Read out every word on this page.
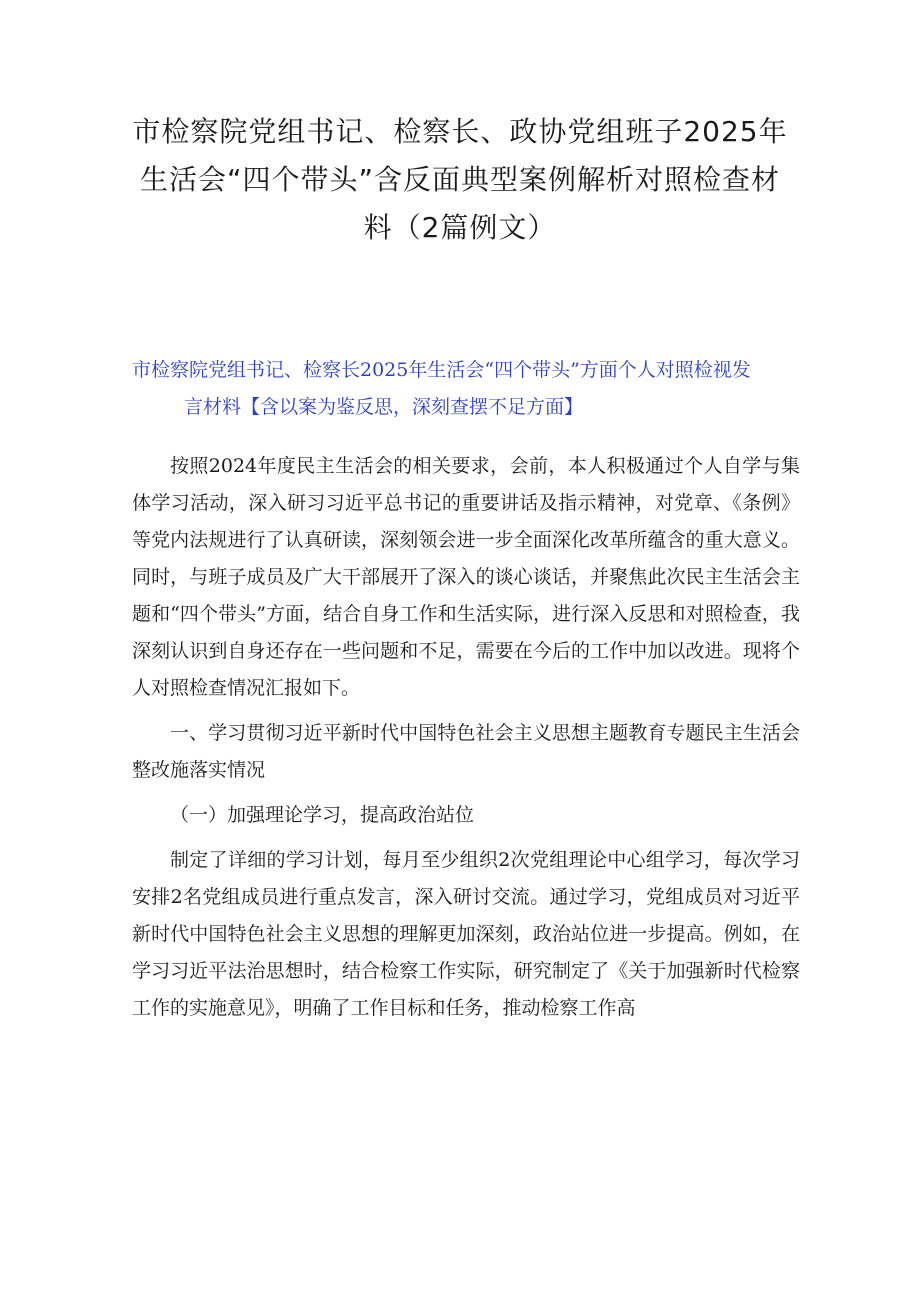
市检察院党组书记、检察长、政协党组班子2025年生活会“四个带头”含反面典型案例解析对照检查材料（2篇例文）
市检察院党组书记、检察长2025年生活会“四个带头”方面个人对照检视发
言材料【含以案为鉴反思，深刻查摆不足方面】

按照2024年度民主生活会的相关要求，会前，本人积极通过个人自学与集体学习活动，深入研习习近平总书记的重要讲话及指示精神，对党章、《条例》等党内法规进行了认真研读，深刻领会进一步全面深化改革所蕴含的重大意义。同时，与班子成员及广大干部展开了深入的谈心谈话，并聚焦此次民主生活会主题和“四个带头”方面，结合自身工作和生活实际，进行深入反思和对照检查，我深刻认识到自身还存在一些问题和不足，需要在今后的工作中加以改进。现将个人对照检查情况汇报如下。

一、学习贯彻习近平新时代中国特色社会主义思想主题教育专题民主生活会整改施落实情况

（一）加强理论学习，提高政治站位

制定了详细的学习计划，每月至少组织2次党组理论中心组学习，每次学习安排2名党组成员进行重点发言，深入研讨交流。通过学习，党组成员对习近平新时代中国特色社会主义思想的理解更加深刻，政治站位进一步提高。例如，在学习习近平法治思想时，结合检察工作实际，研究制定了《关于加强新时代检察工作的实施意见》，明确了工作目标和任务，推动检察工作高
